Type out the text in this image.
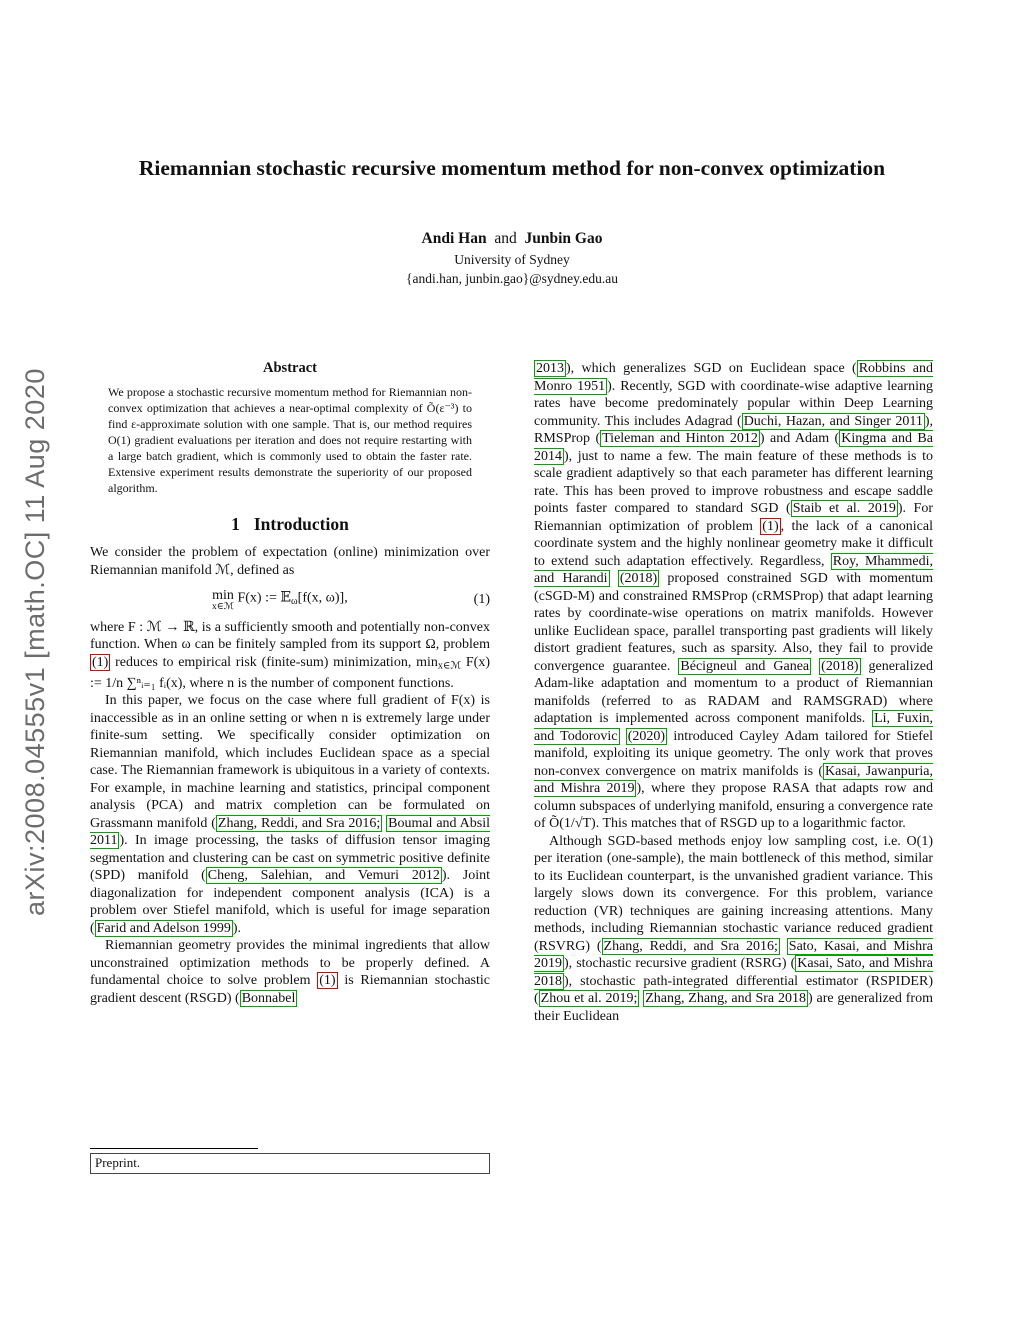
arXiv:2008.04555v1 [math.OC] 11 Aug 2020
Riemannian stochastic recursive momentum method for non-convex optimization
Andi Han  and  Junbin Gao
University of Sydney
{andi.han, junbin.gao}@sydney.edu.au
Abstract

We propose a stochastic recursive momentum method for Riemannian non-convex optimization that achieves a near-optimal complexity of Õ(ε⁻³) to find ε-approximate solution with one sample. That is, our method requires O(1) gradient evaluations per iteration and does not require restarting with a large batch gradient, which is commonly used to obtain the faster rate. Extensive experiment results demonstrate the superiority of our proposed algorithm.

1 Introduction

We consider the problem of expectation (online) minimization over Riemannian manifold ℳ, defined as

min
x∈ℳ
F(x) := 𝔼ω[f(x, ω)],	(1)

where F : ℳ → ℝ, is a sufficiently smooth and potentially non-convex function. When ω can be finitely sampled from its support Ω, problem (1) reduces to empirical risk (finite-sum) minimization, minx∈ℳ F(x) := 1/n ∑ⁿᵢ₌₁ fᵢ(x), where n is the number of component functions.

In this paper, we focus on the case where full gradient of F(x) is inaccessible as in an online setting or when n is extremely large under finite-sum setting. We specifically consider optimization on Riemannian manifold, which includes Euclidean space as a special case. The Riemannian framework is ubiquitous in a variety of contexts. For example, in machine learning and statistics, principal component analysis (PCA) and matrix completion can be formulated on Grassmann manifold ( Zhang, Reddi, and Sra 2016; Boumal and Absil 2011 ). In image processing, the tasks of diffusion tensor imaging segmentation and clustering can be cast on symmetric positive definite (SPD) manifold ( Cheng, Salehian, and Vemuri 2012 ). Joint diagonalization for independent component analysis (ICA) is a problem over Stiefel manifold, which is useful for image separation ( Farid and Adelson 1999 ).

Riemannian geometry provides the minimal ingredients that allow unconstrained optimization methods to be properly defined. A fundamental choice to solve problem (1) is Riemannian stochastic gradient descent (RSGD) ( Bonnabel

2013 ), which generalizes SGD on Euclidean space ( Robbins and Monro 1951 ). Recently, SGD with coordinate-wise adaptive learning rates have become predominately popular within Deep Learning community. This includes Adagrad ( Duchi, Hazan, and Singer 2011 ), RMSProp ( Tieleman and Hinton 2012 ) and Adam ( Kingma and Ba 2014 ), just to name a few. The main feature of these methods is to scale gradient adaptively so that each parameter has different learning rate. This has been proved to improve robustness and escape saddle points faster compared to standard SGD ( Staib et al. 2019 ). For Riemannian optimization of problem (1) , the lack of a canonical coordinate system and the highly nonlinear geometry make it difficult to extend such adaptation effectively. Regardless, Roy, Mhammedi, and Harandi (2018) proposed constrained SGD with momentum (cSGD-M) and constrained RMSProp (cRMSProp) that adapt learning rates by coordinate-wise operations on matrix manifolds. However unlike Euclidean space, parallel transporting past gradients will likely distort gradient features, such as sparsity. Also, they fail to provide convergence guarantee. Bécigneul and Ganea (2018) generalized Adam-like adaptation and momentum to a product of Riemannian manifolds (referred to as RADAM and RAMSGRAD) where adaptation is implemented across component manifolds. Li, Fuxin, and Todorovic (2020) introduced Cayley Adam tailored for Stiefel manifold, exploiting its unique geometry. The only work that proves non-convex convergence on matrix manifolds is ( Kasai, Jawanpuria, and Mishra 2019 ), where they propose RASA that adapts row and column subspaces of underlying manifold, ensuring a convergence rate of Õ(1/√T). This matches that of RSGD up to a logarithmic factor.

Although SGD-based methods enjoy low sampling cost, i.e. O(1) per iteration (one-sample), the main bottleneck of this method, similar to its Euclidean counterpart, is the unvanished gradient variance. This largely slows down its convergence. For this problem, variance reduction (VR) techniques are gaining increasing attentions. Many methods, including Riemannian stochastic variance reduced gradient (RSVRG) ( Zhang, Reddi, and Sra 2016; Sato, Kasai, and Mishra 2019 ), stochastic recursive gradient (RSRG) ( Kasai, Sato, and Mishra 2018 ), stochastic path-integrated differential estimator (RSPIDER) ( Zhou et al. 2019; Zhang, Zhang, and Sra 2018 ) are generalized from their Euclidean

Preprint.
